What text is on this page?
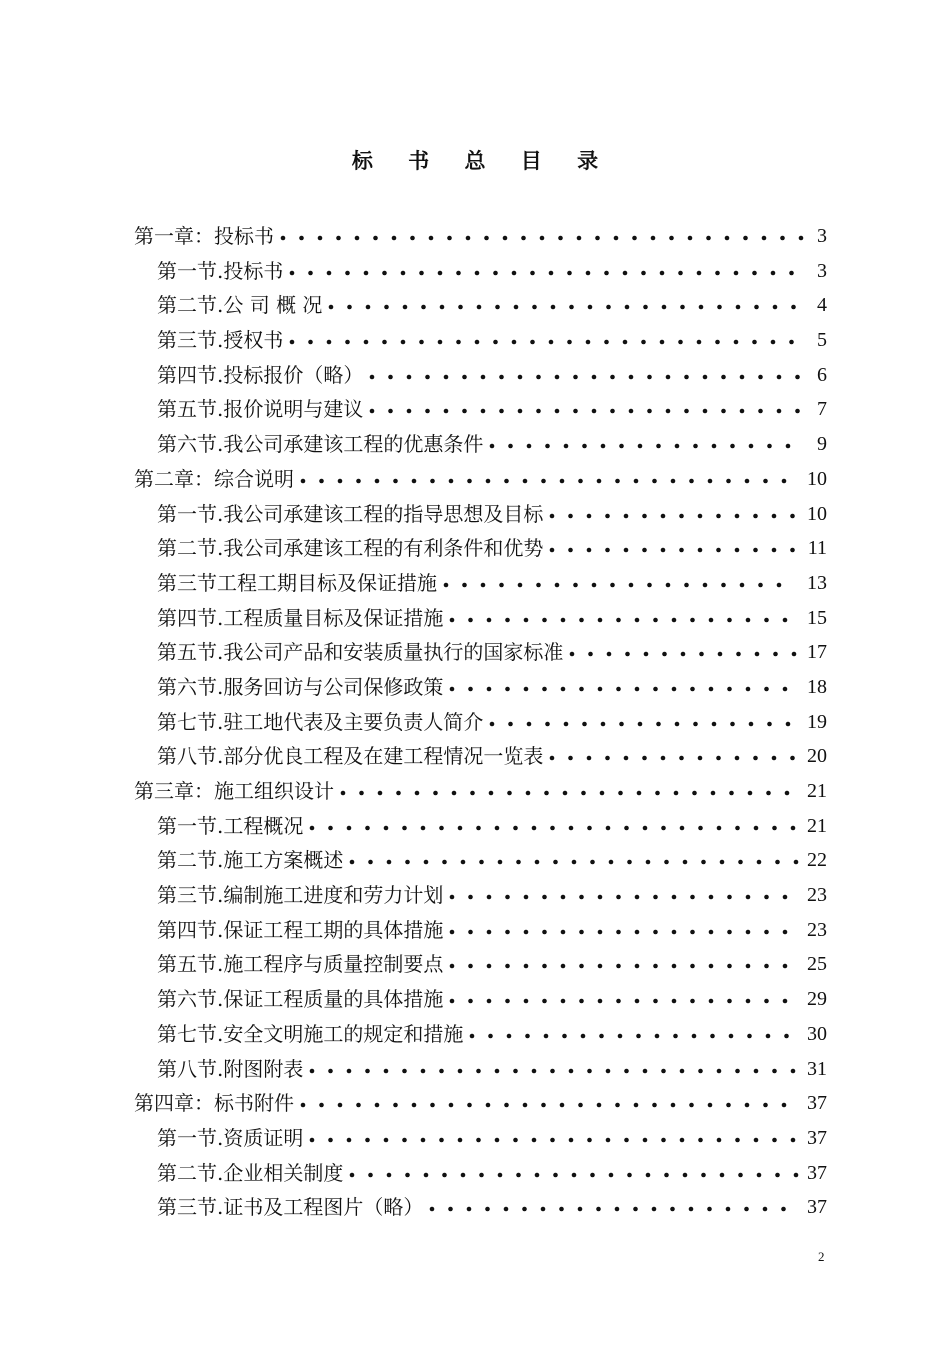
标 书 总 目 录
第一章：投标书	3
第一节.投标书	3
第二节.公 司 概 况	4
第三节.授权书	5
第四节.投标报价（略）	6
第五节.报价说明与建议	7
第六节.我公司承建该工程的优惠条件	9
第二章：综合说明	10
第一节.我公司承建该工程的指导思想及目标	10
第二节.我公司承建该工程的有利条件和优势	11
第三节工程工期目标及保证措施	13
第四节.工程质量目标及保证措施	15
第五节.我公司产品和安装质量执行的国家标准	17
第六节.服务回访与公司保修政策	18
第七节.驻工地代表及主要负责人简介	19
第八节.部分优良工程及在建工程情况一览表	20
第三章：施工组织设计	21
第一节.工程概况	21
第二节.施工方案概述	22
第三节.编制施工进度和劳力计划	23
第四节.保证工程工期的具体措施	23
第五节.施工程序与质量控制要点	25
第六节.保证工程质量的具体措施	29
第七节.安全文明施工的规定和措施	30
第八节.附图附表	31
第四章：标书附件	37
第一节.资质证明	37
第二节.企业相关制度	37
第三节.证书及工程图片（略）	37
2
